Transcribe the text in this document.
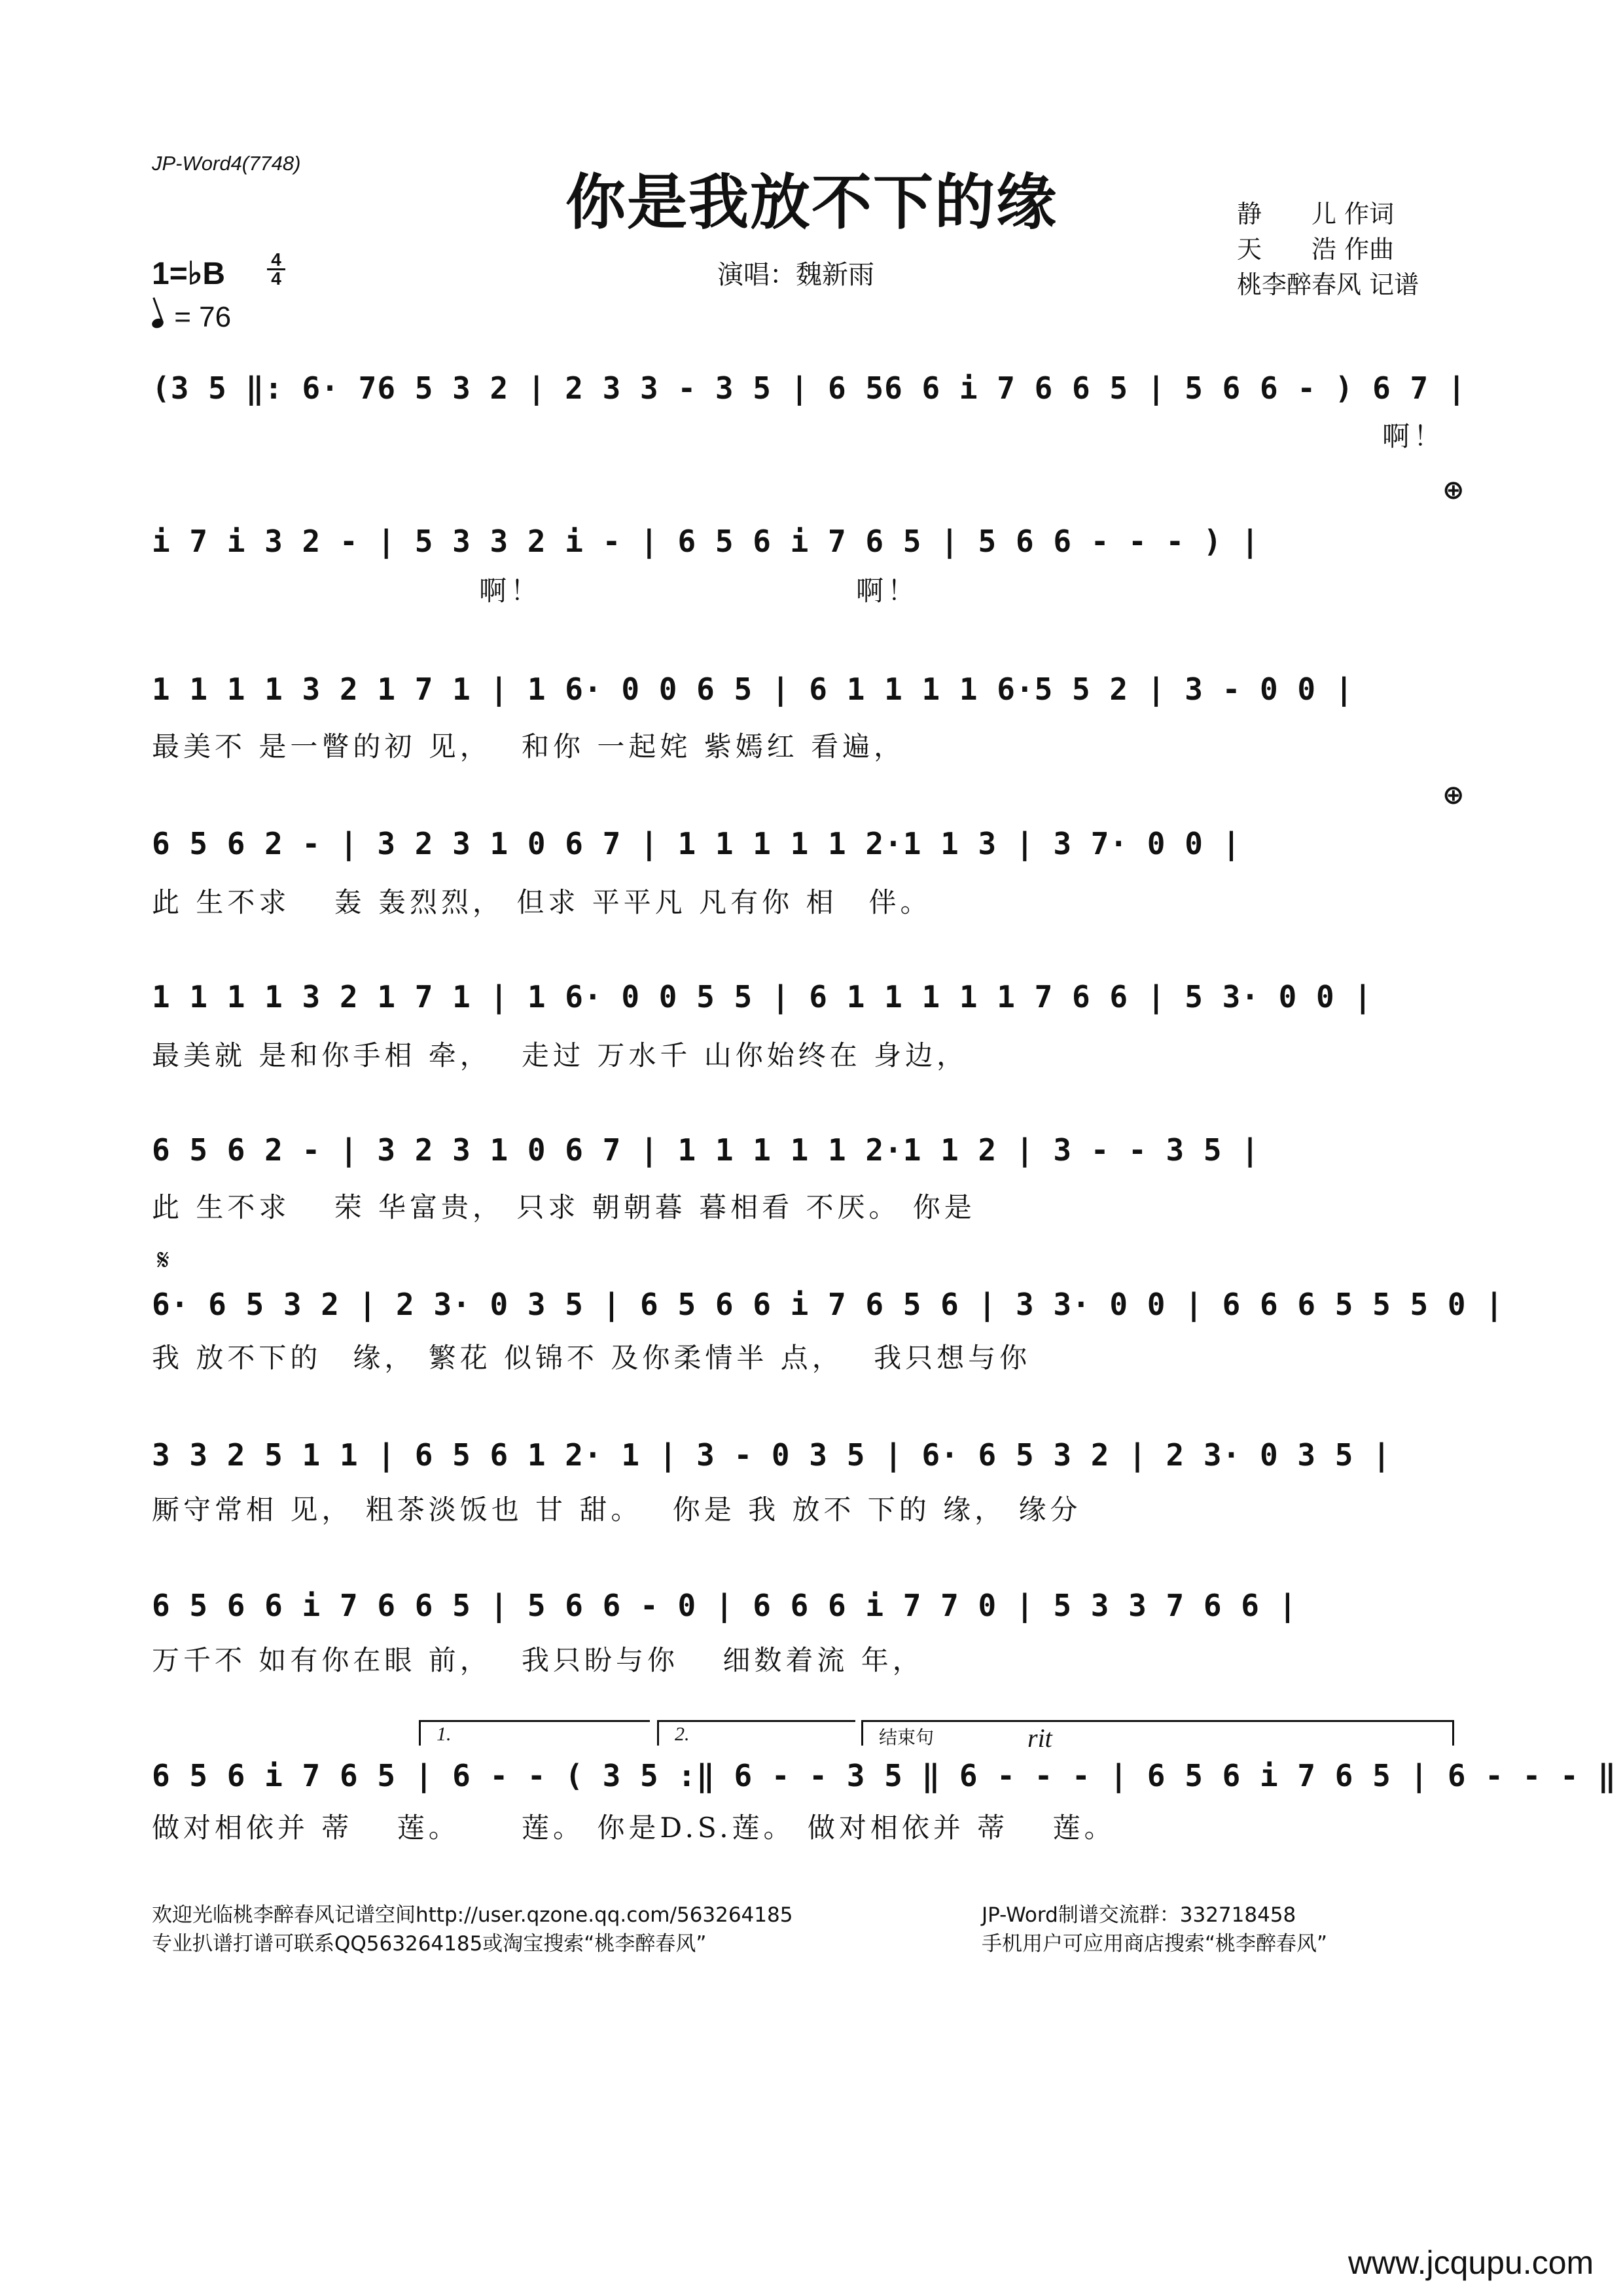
JP-Word4(7748)
你是我放不下的缘
演唱：魏新雨
静　　儿 作词
天　　浩 作曲
桃李醉春风 记谱
1=♭B $\frac{4}{4}$
= 76
(3 5 ‖: 6· 76 5 3 2 | 2 3 3 - 3 5 | 6 56 6 i 7 6 6 5 | 5 6 6 - ) 6 7 |
啊！
⊕
i 7 i 3 2 - | 5 3 3 2 i - | 6 5 6 i 7 6 5 | 5 6 6 - - - ) |
啊！　　　　　　　　　　啊！
1 1 1 1 3 2 1 7 1 | 1 6· 0 0 6 5 | 6 1 1 1 1 6·5 5 2 | 3 - 0 0 |
最美不 是一瞥的初 见，　 和你 一起姹 紫嫣红 看遍，
⊕
6 5 6 2 - | 3 2 3 1 0 6 7 | 1 1 1 1 1 2·1 1 3 | 3 7· 0 0 |
此 生不求　 轰 轰烈烈， 但求 平平凡 凡有你 相　伴。
1 1 1 1 3 2 1 7 1 | 1 6· 0 0 5 5 | 6 1 1 1 1 1 7 6 6 | 5 3· 0 0 |
最美就 是和你手相 牵，　 走过 万水千 山你始终在 身边，
6 5 6 2 - | 3 2 3 1 0 6 7 | 1 1 1 1 1 2·1 1 2 | 3 - - 3 5 |
此 生不求　 荣 华富贵， 只求 朝朝暮 暮相看 不厌。 你是
𝄋
6· 6 5 3 2 | 2 3· 0 3 5 | 6 5 6 6 i 7 6 5 6 | 3 3· 0 0 | 6 6 6 5 5 5 0 |
我 放不下的　缘， 繁花 似锦不 及你柔情半 点，　 我只想与你
3 3 2 5 1 1 | 6 5 6 1 2· 1 | 3 - 0 3 5 | 6· 6 5 3 2 | 2 3· 0 3 5 |
厮守常相 见， 粗茶淡饭也 甘 甜。　 你是 我 放不 下的 缘， 缘分
6 5 6 6 i 7 6 6 5 | 5 6 6 - 0 | 6 6 6 i 7 7 0 | 5 3 3 7 6 6 |
万千不 如有你在眼 前，　 我只盼与你　 细数着流 年，
1.	2.	结束句	rit
6 5 6 i 7 6 5 | 6 - - ( 3 5 :‖ 6 - - 3 5 ‖ 6 - - - | 6 5 6 i 7 6 5 | 6 - - - ‖
做对相依并 蒂　 莲。　　 莲。 你是D.S.莲。 做对相依并 蒂　 莲。
欢迎光临桃李醉春风记谱空间http://user.qzone.qq.com/563264185
专业扒谱打谱可联系QQ563264185或淘宝搜索“桃李醉春风”
JP-Word制谱交流群：332718458
手机用户可应用商店搜索“桃李醉春风”
www.jcqupu.com
